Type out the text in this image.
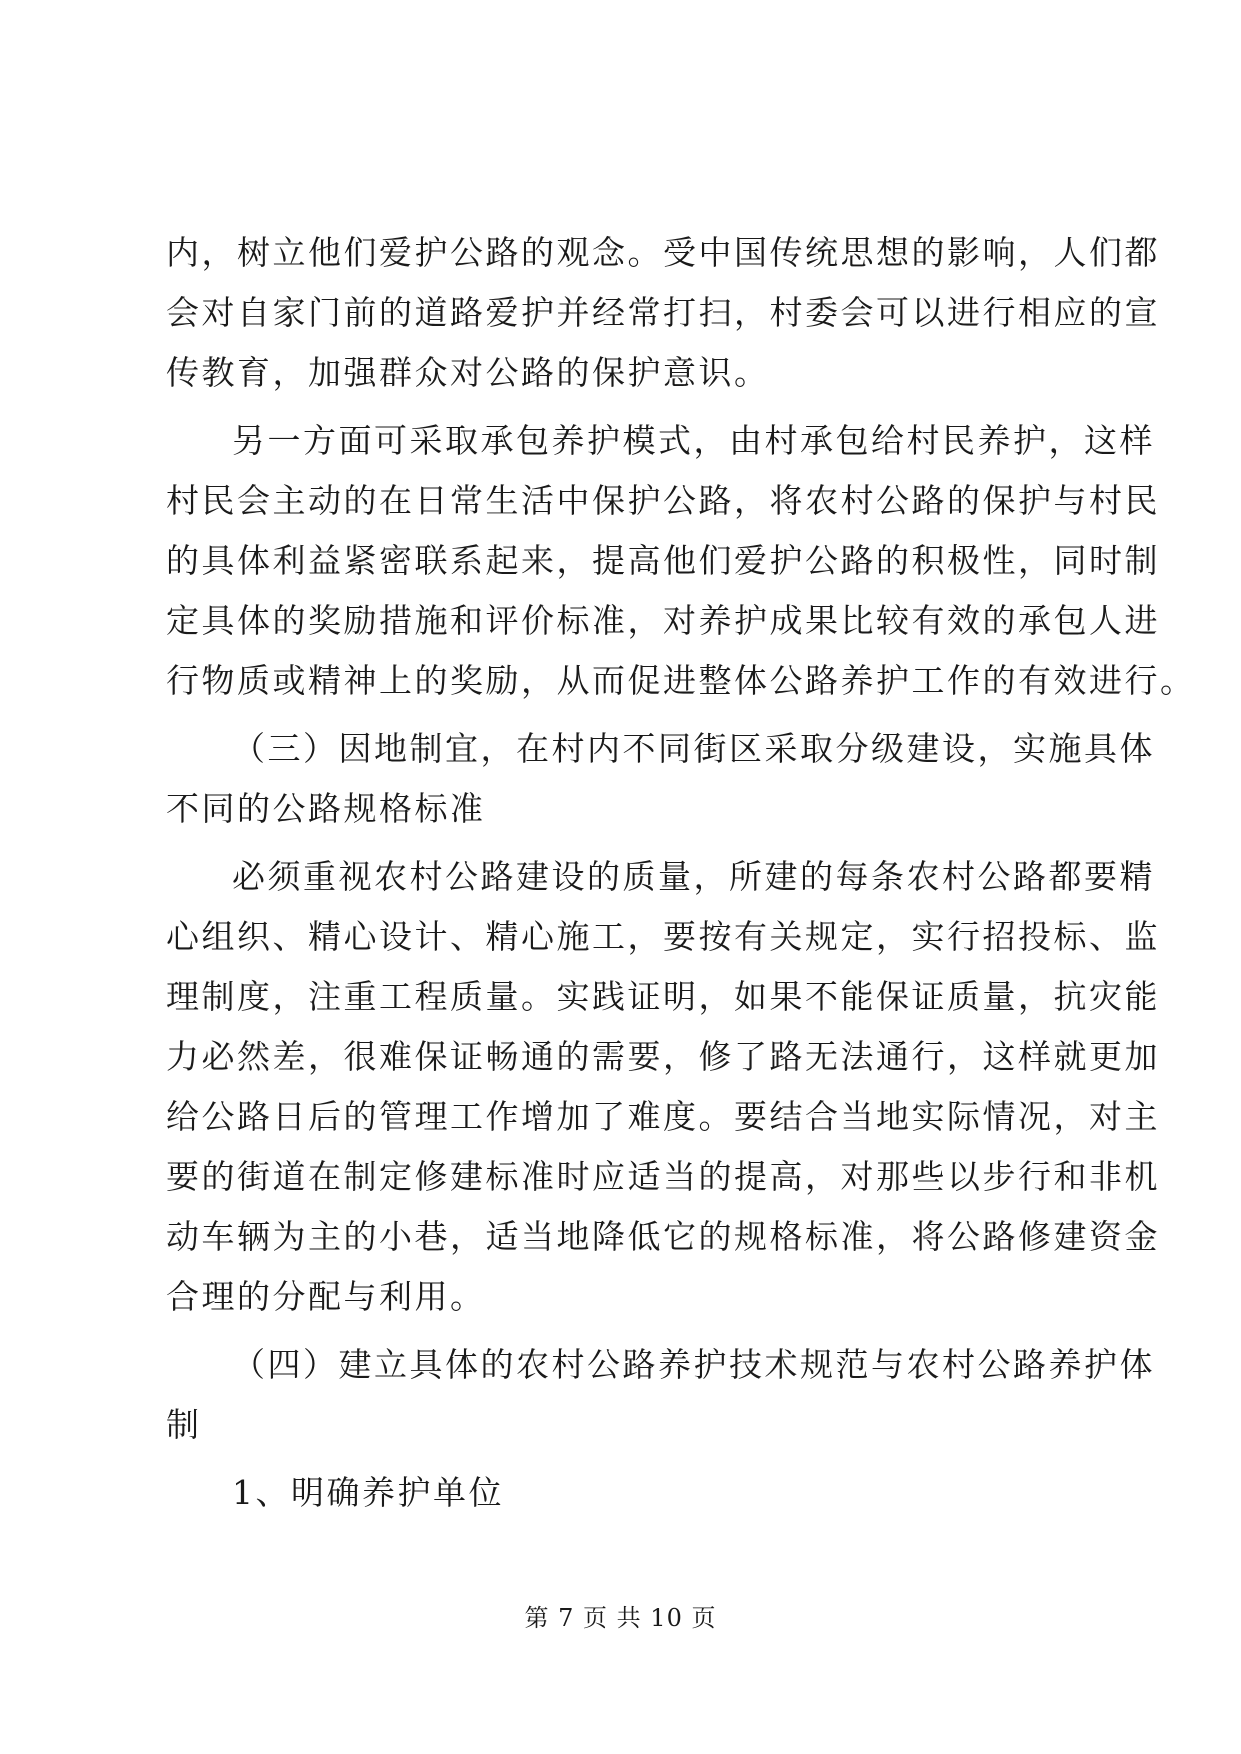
内，树立他们爱护公路的观念。受中国传统思想的影响，人们都
会对自家门前的道路爱护并经常打扫，村委会可以进行相应的宣
传教育，加强群众对公路的保护意识。
另一方面可采取承包养护模式，由村承包给村民养护，这样
村民会主动的在日常生活中保护公路，将农村公路的保护与村民
的具体利益紧密联系起来，提高他们爱护公路的积极性，同时制
定具体的奖励措施和评价标准，对养护成果比较有效的承包人进
行物质或精神上的奖励，从而促进整体公路养护工作的有效进行。
（三）因地制宜，在村内不同街区采取分级建设，实施具体
不同的公路规格标准
必须重视农村公路建设的质量，所建的每条农村公路都要精
心组织、精心设计、精心施工，要按有关规定，实行招投标、监
理制度，注重工程质量。实践证明，如果不能保证质量，抗灾能
力必然差，很难保证畅通的需要，修了路无法通行，这样就更加
给公路日后的管理工作增加了难度。要结合当地实际情况，对主
要的街道在制定修建标准时应适当的提高，对那些以步行和非机
动车辆为主的小巷，适当地降低它的规格标准，将公路修建资金
合理的分配与利用。
（四）建立具体的农村公路养护技术规范与农村公路养护体
制
1、明确养护单位
第 7 页 共 10 页
